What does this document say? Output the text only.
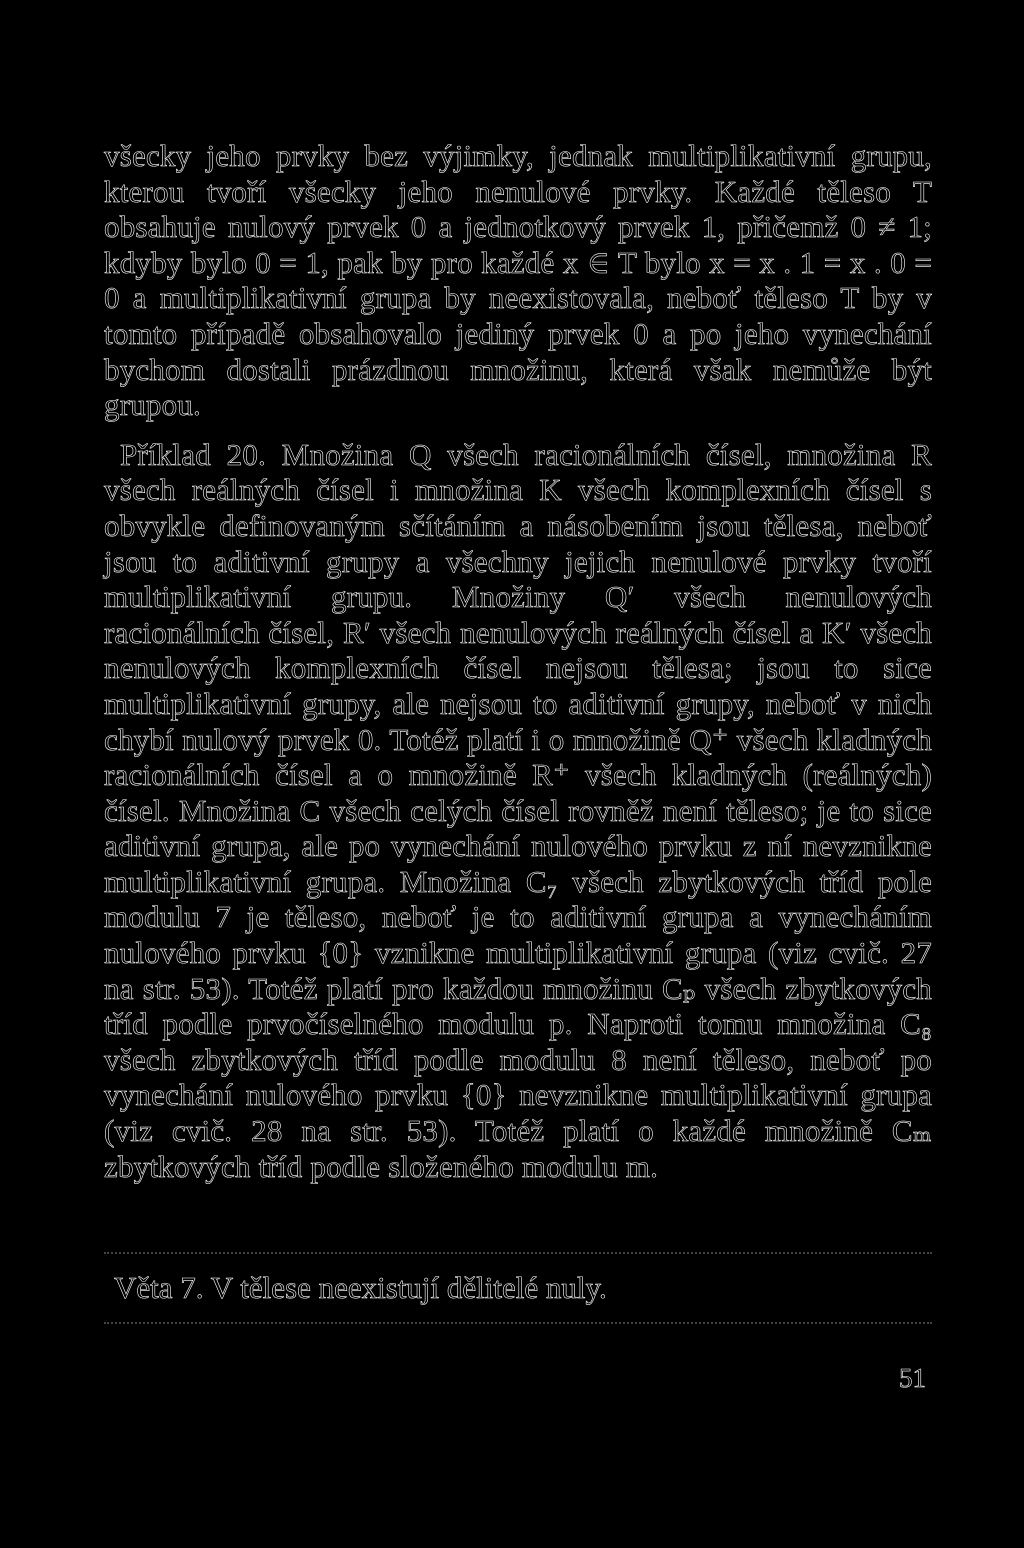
všecky jeho prvky bez výjimky, jednak multiplikativní grupu, kterou tvoří všecky jeho nenulové prvky. Každé těleso T obsahuje nulový prvek 0 a jednotkový prvek 1, přičemž 0 ≠ 1; kdyby bylo 0 = 1, pak by pro každé x ∈ T bylo x = x . 1 = x . 0 = 0 a multiplikativní grupa by neexistovala, neboť těleso T by v tomto případě obsahovalo jediný prvek 0 a po jeho vynechání bychom dostali prázdnou množinu, která však nemůže být grupou.

Příklad 20. Množina Q všech racionálních čísel, množina R všech reálných čísel i množina K všech komplexních čísel s obvykle definovaným sčítáním a násobením jsou tělesa, neboť jsou to aditivní grupy a všechny jejich nenulové prvky tvoří multiplikativní grupu. Množiny Q′ všech nenulových racionálních čísel, R′ všech nenulových reálných čísel a K′ všech nenulových komplexních čísel nejsou tělesa; jsou to sice multiplikativní grupy, ale nejsou to aditivní grupy, neboť v nich chybí nulový prvek 0. Totéž platí i o množině Q⁺ všech kladných racionálních čísel a o množině R⁺ všech kladných (reálných) čísel. Množina C všech celých čísel rovněž není těleso; je to sice aditivní grupa, ale po vynechání nulového prvku z ní nevznikne multiplikativní grupa. Množina C₇ všech zbytkových tříd pole modulu 7 je těleso, neboť je to aditivní grupa a vynecháním nulového prvku {0} vznikne multiplikativní grupa (viz cvič. 27 na str. 53). Totéž platí pro každou množinu Cₚ všech zbytkových tříd podle prvočíselného modulu p. Naproti tomu množina C₈ všech zbytkových tříd podle modulu 8 není těleso, neboť po vynechání nulového prvku {0} nevznikne multiplikativní grupa (viz cvič. 28 na str. 53). Totéž platí o každé množině Cₘ zbytkových tříd podle složeného modulu m.

Věta 7. V tělese neexistují dělitelé nuly.
51
